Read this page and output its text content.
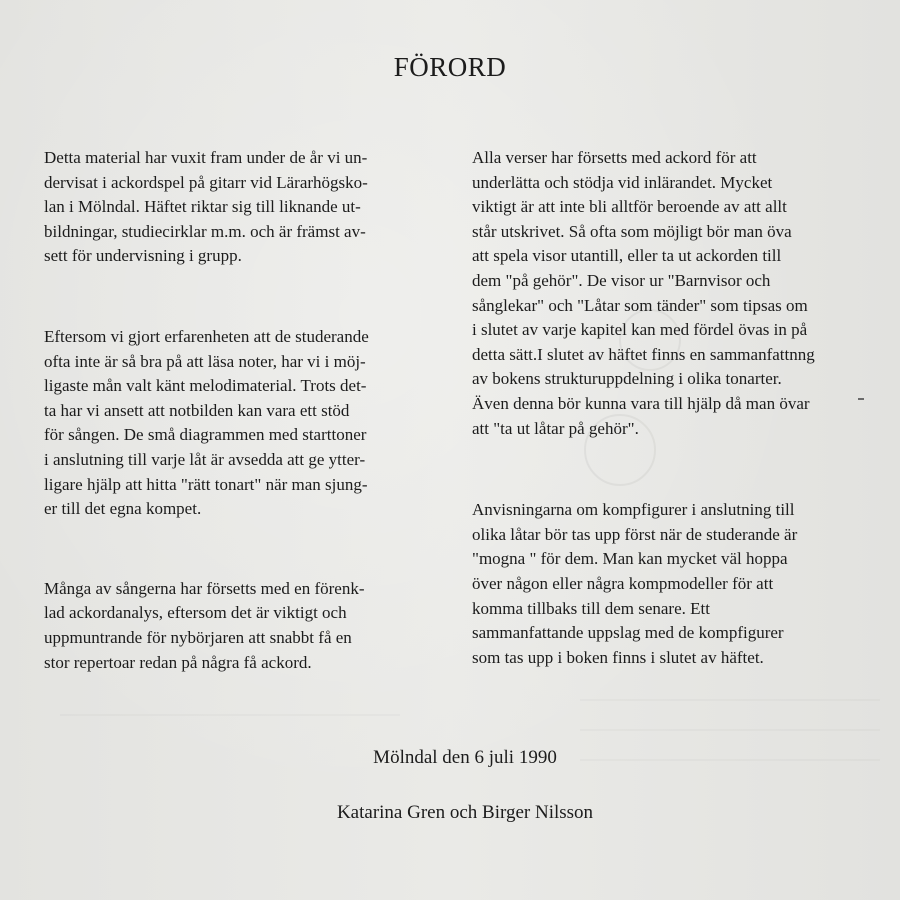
FÖRORD

Detta material har vuxit fram under de år vi un-
dervisat i ackordspel på gitarr vid Lärarhögsko-
lan i Mölndal. Häftet riktar sig till liknande ut-
bildningar, studiecirklar m.m. och är främst av-
sett för undervisning i grupp.

Eftersom vi gjort erfarenheten att de studerande
ofta inte är så bra på att läsa noter, har vi i möj-
ligaste mån valt känt melodimaterial. Trots det-
ta har vi ansett att notbilden kan vara ett stöd
för sången. De små diagrammen med starttoner
i anslutning till varje låt är avsedda att ge ytter-
ligare hjälp att hitta "rätt tonart" när man sjung-
er till det egna kompet.

Många av sångerna har försetts med en förenk-
lad ackordanalys, eftersom det är viktigt och
uppmuntrande för nybörjaren att snabbt få en
stor repertoar redan på några få ackord.

Alla verser har försetts med ackord för att
underlätta och stödja vid inlärandet. Mycket
viktigt är att inte bli alltför beroende av att allt
står utskrivet. Så ofta som möjligt bör man öva
att spela visor utantill, eller ta ut ackorden till
dem "på gehör". De visor ur "Barnvisor och
sånglekar" och "Låtar som tänder" som tipsas om
i slutet av varje kapitel kan med fördel övas in på
detta sätt.I slutet av häftet finns en sammanfattnng
av bokens strukturuppdelning i olika tonarter.
Även denna bör kunna vara till hjälp då man övar
att "ta ut låtar på gehör".

Anvisningarna om kompfigurer i anslutning till
olika låtar bör tas upp först när de studerande är
"mogna " för dem. Man kan mycket väl hoppa
över någon eller några kompmodeller för att
komma tillbaks till dem senare. Ett
sammanfattande uppslag med de kompfigurer
som tas upp i boken finns i slutet av häftet.

Mölndal den 6 juli 1990
Katarina Gren och Birger Nilsson
